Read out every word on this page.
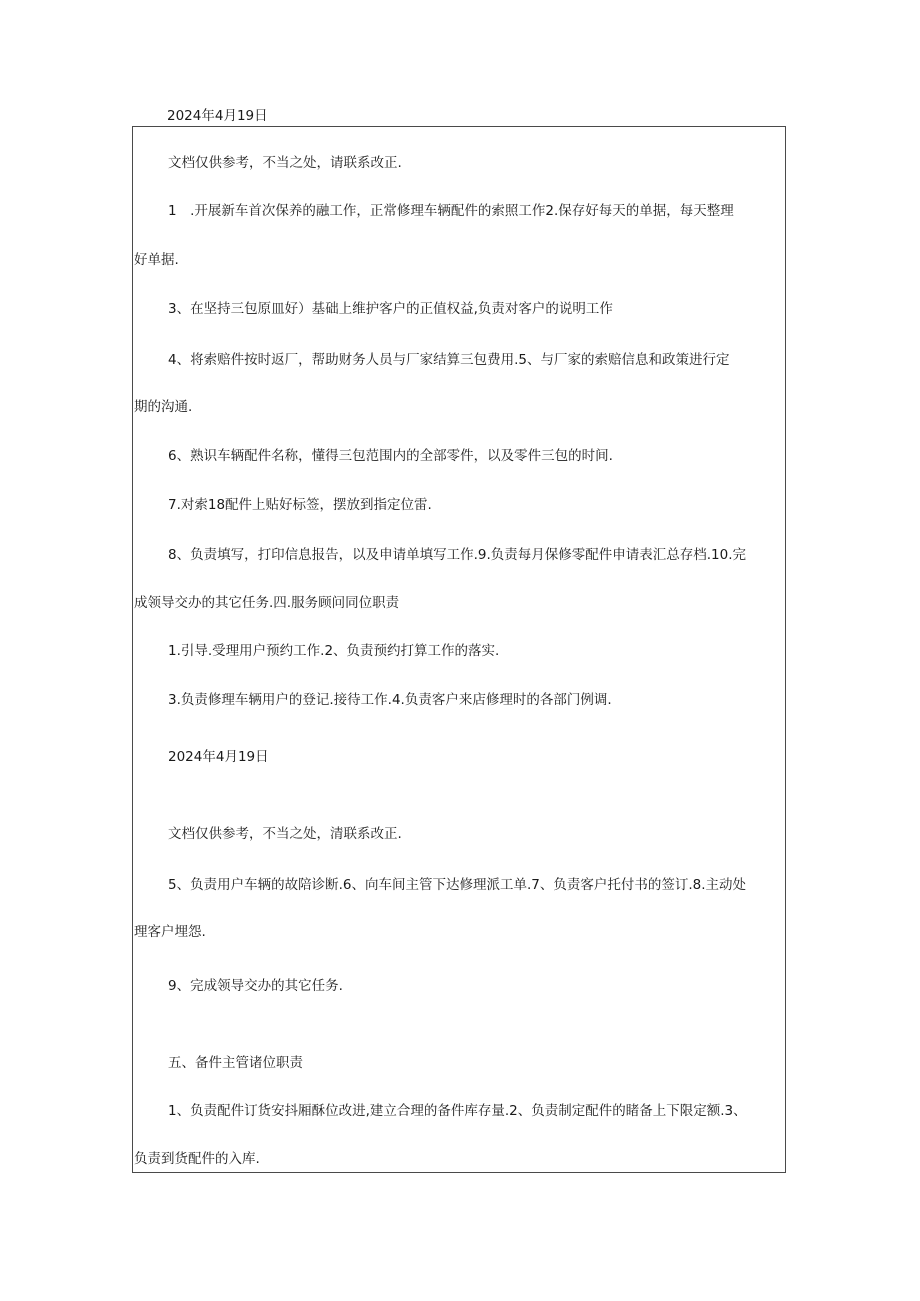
2024年4月19日
文档仅供参考，不当之处，请联系改正.
1　.开展新车首次保养的融工作，正常修理车辆配件的索照工作2.保存好每天的单据，每天整理
好单据.
3、在坚持三包原皿好）基础上维护客户的正值权益,负责对客户的说明工作
4、将索赔件按时返厂，帮助财务人员与厂家结算三包费用.5、与厂家的索赔信息和政策进行定
期的沟通.
6、熟识车辆配件名称，懂得三包范围内的全部零件，以及零件三包的时间.
7.对索18配件上贴好标签，摆放到指定位雷.
8、负责填写，打印信息报告，以及申请单填写工作.9.负责每月保修零配件申请表汇总存档.10.完
成领导交办的其它任务.四.服务顾问同位职责
1.引导.受理用户预约工作.2、负责预约打算工作的落实.
3.负责修理车辆用户的登记.接待工作.4.负责客户来店修理时的各部门例调.
2024年4月19日
文档仅供参考，不当之处，清联系改正.
5、负责用户车辆的故陪诊断.6、向车间主管下达修理派工单.7、负责客户托付书的签订.8.主动处
理客户埋怨.
9、完成领导交办的其它任务.
五、备件主管诸位职责
1、负责配件订货安抖厢酥位改进,建立合理的备件库存量.2、负责制定配件的睹备上下限定额.3、
负责到货配件的入库.
